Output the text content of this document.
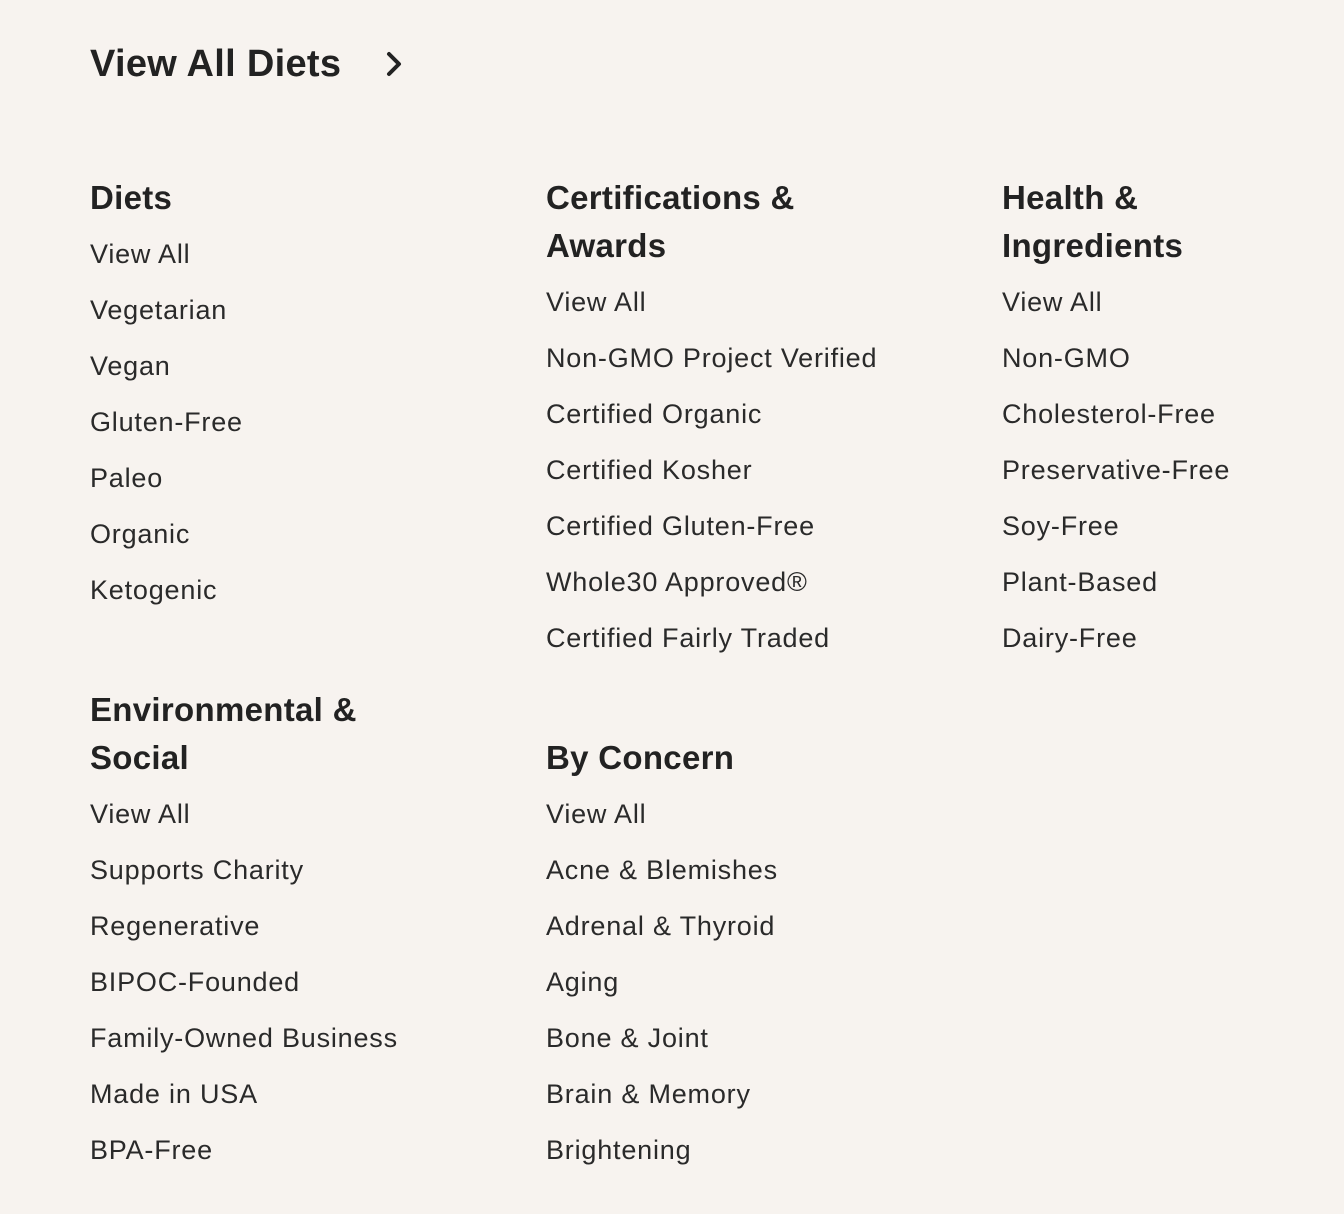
View All Diets
Diets
View All
Vegetarian
Vegan
Gluten-Free
Paleo
Organic
Ketogenic
Certifications &
Awards
View All
Non-GMO Project Verified
Certified Organic
Certified Kosher
Certified Gluten-Free
Whole30 Approved®
Certified Fairly Traded
Health &
Ingredients
View All
Non-GMO
Cholesterol-Free
Preservative-Free
Soy-Free
Plant-Based
Dairy-Free
Environmental &
Social
View All
Supports Charity
Regenerative
BIPOC-Founded
Family-Owned Business
Made in USA
BPA-Free
By Concern
View All
Acne & Blemishes
Adrenal & Thyroid
Aging
Bone & Joint
Brain & Memory
Brightening
